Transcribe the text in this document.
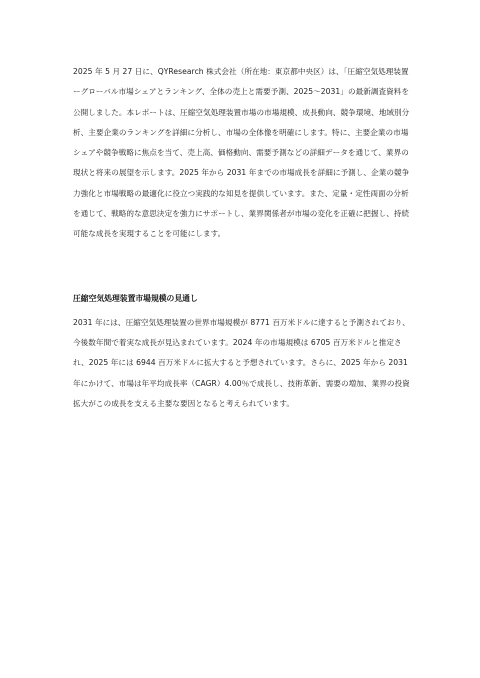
2025 年 5 月 27 日に、QYResearch 株式会社（所在地：東京都中央区）は、「圧縮空気処理装置ーグローバル市場シェアとランキング、全体の売上と需要予測、2025～2031」の最新調査資料を公開しました。本レポートは、圧縮空気処理装置市場の市場規模、成長動向、競争環境、地域別分析、主要企業のランキングを詳細に分析し、市場の全体像を明確にします。特に、主要企業の市場シェアや競争戦略に焦点を当て、売上高、価格動向、需要予測などの詳細データを通じて、業界の現状と将来の展望を示します。2025 年から 2031 年までの市場成長を詳細に予測し、企業の競争力強化と市場戦略の最適化に役立つ実践的な知見を提供しています。また、定量・定性両面の分析を通じて、戦略的な意思決定を強力にサポートし、業界関係者が市場の変化を正確に把握し、持続可能な成長を実現することを可能にします。

圧縮空気処理装置市場規模の見通し

2031 年には、圧縮空気処理装置の世界市場規模が 8771 百万米ドルに達すると予測されており、今後数年間で着実な成長が見込まれています。2024 年の市場規模は 6705 百万米ドルと推定され、2025 年には 6944 百万米ドルに拡大すると予想されています。さらに、2025 年から 2031 年にかけて、市場は年平均成長率（CAGR）4.00％で成長し、技術革新、需要の増加、業界の投資拡大がこの成長を支える主要な要因となると考えられています。
